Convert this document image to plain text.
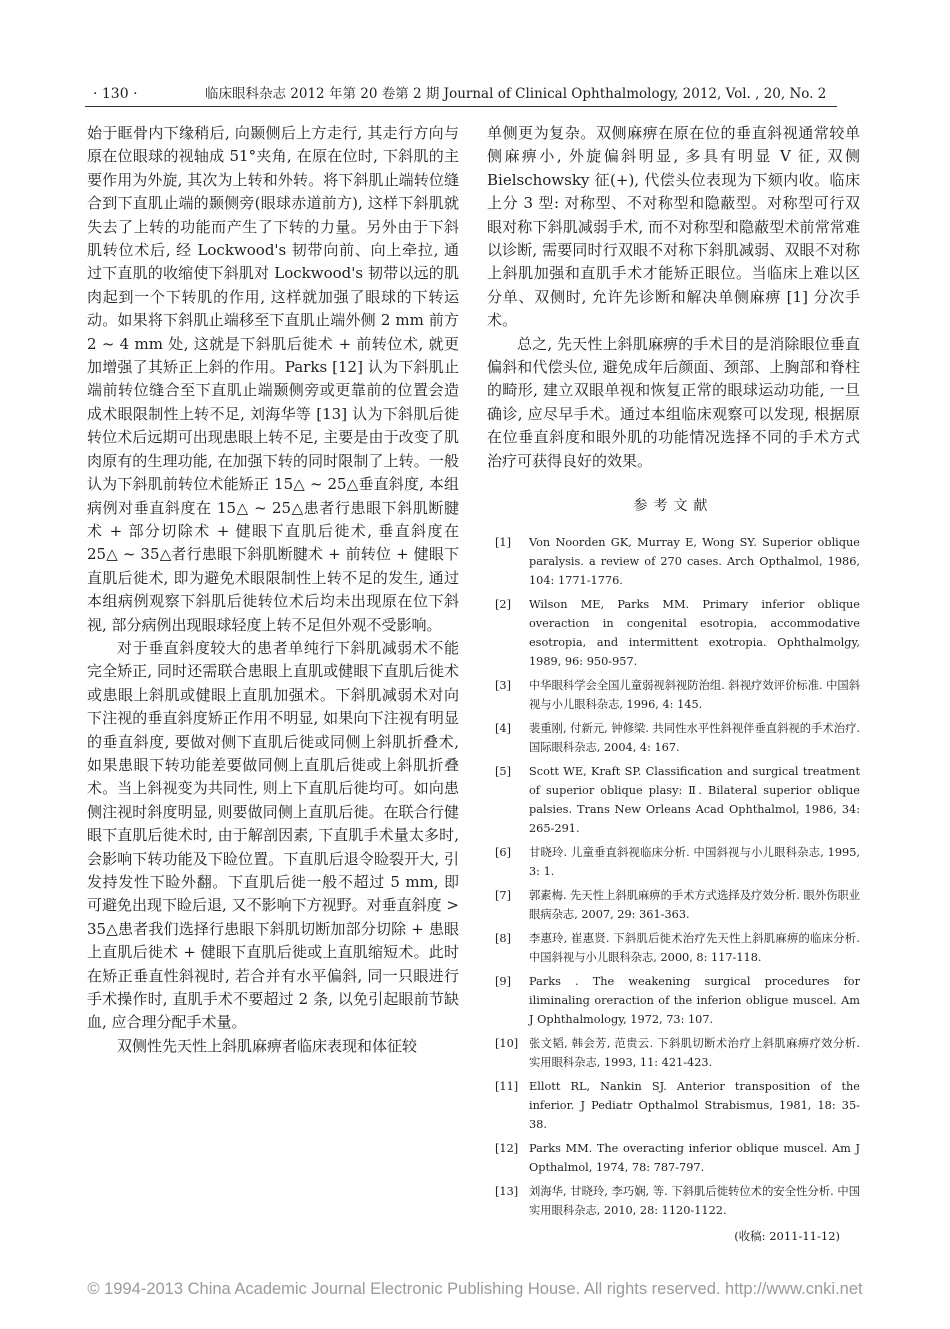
· 130 ·	临床眼科杂志 2012 年第 20 卷第 2 期 Journal of Clinical Ophthalmology, 2012, Vol. , 20, No. 2

始于眶骨内下缘稍后, 向颞侧后上方走行, 其走行方向与原在位眼球的视轴成 51°夹角, 在原在位时, 下斜肌的主要作用为外旋, 其次为上转和外转。将下斜肌止端转位缝合到下直肌止端的颞侧旁(眼球赤道前方), 这样下斜肌就失去了上转的功能而产生了下转的力量。另外由于下斜肌转位术后, 经 Lockwood's 韧带向前、向上牵拉, 通过下直肌的收缩使下斜肌对 Lockwood's 韧带以远的肌肉起到一个下转肌的作用, 这样就加强了眼球的下转运动。如果将下斜肌止端移至下直肌止端外侧 2 mm 前方 2 ~ 4 mm 处, 这就是下斜肌后徙术 + 前转位术, 就更加增强了其矫正上斜的作用。Parks [12] 认为下斜肌止端前转位缝合至下直肌止端颞侧旁或更靠前的位置会造成术眼限制性上转不足, 刘海华等 [13] 认为下斜肌后徙转位术后远期可出现患眼上转不足, 主要是由于改变了肌肉原有的生理功能, 在加强下转的同时限制了上转。一般认为下斜肌前转位术能矫正 15△ ~ 25△垂直斜度, 本组病例对垂直斜度在 15△ ~ 25△患者行患眼下斜肌断腱术 + 部分切除术 + 健眼下直肌后徙术, 垂直斜度在 25△ ~ 35△者行患眼下斜肌断腱术 + 前转位 + 健眼下直肌后徙术, 即为避免术眼限制性上转不足的发生, 通过本组病例观察下斜肌后徙转位术后均未出现原在位下斜视, 部分病例出现眼球轻度上转不足但外观不受影响。

对于垂直斜度较大的患者单纯行下斜肌减弱术不能完全矫正, 同时还需联合患眼上直肌或健眼下直肌后徙术或患眼上斜肌或健眼上直肌加强术。下斜肌减弱术对向下注视的垂直斜度矫正作用不明显, 如果向下注视有明显的垂直斜度, 要做对侧下直肌后徙或同侧上斜肌折叠术, 如果患眼下转功能差要做同侧上直肌后徙或上斜肌折叠术。当上斜视变为共同性, 则上下直肌后徙均可。如向患侧注视时斜度明显, 则要做同侧上直肌后徙。在联合行健眼下直肌后徙术时, 由于解剖因素, 下直肌手术量太多时, 会影响下转功能及下睑位置。下直肌后退令睑裂开大, 引发持发性下睑外翻。下直肌后徙一般不超过 5 mm, 即可避免出现下睑后退, 又不影响下方视野。对垂直斜度 > 35△患者我们选择行患眼下斜肌切断加部分切除 + 患眼上直肌后徙术 + 健眼下直肌后徙或上直肌缩短术。此时在矫正垂直性斜视时, 若合并有水平偏斜, 同一只眼进行手术操作时, 直肌手术不要超过 2 条, 以免引起眼前节缺血, 应合理分配手术量。

双侧性先天性上斜肌麻痹者临床表现和体征较

单侧更为复杂。双侧麻痹在原在位的垂直斜视通常较单侧麻痹小, 外旋偏斜明显, 多具有明显 V 征, 双侧 Bielschowsky 征(+), 代偿头位表现为下颏内收。临床上分 3 型: 对称型、不对称型和隐蔽型。对称型可行双眼对称下斜肌减弱手术, 而不对称型和隐蔽型术前常常难以诊断, 需要同时行双眼不对称下斜肌减弱、双眼不对称上斜肌加强和直肌手术才能矫正眼位。当临床上难以区分单、双侧时, 允许先诊断和解决单侧麻痹 [1] 分次手术。

总之, 先天性上斜肌麻痹的手术目的是消除眼位垂直偏斜和代偿头位, 避免成年后颜面、颈部、上胸部和脊柱的畸形, 建立双眼单视和恢复正常的眼球运动功能, 一旦确诊, 应尽早手术。通过本组临床观察可以发现, 根据原在位垂直斜度和眼外肌的功能情况选择不同的手术方式治疗可获得良好的效果。

参考文献
[1] Von Noorden GK, Murray E, Wong SY. Superior oblique paralysis. a review of 270 cases. Arch Opthalmol, 1986, 104: 1771-1776.
[2] Wilson ME, Parks MM. Primary inferior oblique overaction in congenital esotropia, accommodative esotropia, and intermittent exotropia. Ophthalmolgy, 1989, 96: 950-957.
[3] 中华眼科学会全国儿童弱视斜视防治组. 斜视疗效评价标准. 中国斜视与小儿眼科杂志, 1996, 4: 145.
[4] 裴重刚, 付新元, 钟修梁. 共同性水平性斜视伴垂直斜视的手术治疗. 国际眼科杂志, 2004, 4: 167.
[5] Scott WE, Kraft SP. Classification and surgical treatment of superior oblique plasy: Ⅱ. Bilateral superior oblique palsies. Trans New Orleans Acad Ophthalmol, 1986, 34: 265-291.
[6] 甘晓玲. 儿童垂直斜视临床分析. 中国斜视与小儿眼科杂志, 1995, 3: 1.
[7] 郭素梅. 先天性上斜肌麻痹的手术方式选择及疗效分析. 眼外伤职业眼病杂志, 2007, 29: 361-363.
[8] 李惠玲, 崔惠贤. 下斜肌后徙术治疗先天性上斜肌麻痹的临床分析. 中国斜视与小儿眼科杂志, 2000, 8: 117-118.
[9] Parks . The weakening surgical procedures for iliminaling oreraction of the inferion obligue muscel. Am J Ophthalmology, 1972, 73: 107.
[10] 张文韬, 韩会芳, 范贵云. 下斜肌切断术治疗上斜肌麻痹疗效分析. 实用眼科杂志, 1993, 11: 421-423.
[11] Ellott RL, Nankin SJ. Anterior transposition of the inferior. J Pediatr Opthalmol Strabismus, 1981, 18: 35-38.
[12] Parks MM. The overacting inferior oblique muscel. Am J Opthalmol, 1974, 78: 787-797.
[13] 刘海华, 甘晓玲, 李巧娴, 等. 下斜肌后徙转位术的安全性分析. 中国实用眼科杂志, 2010, 28: 1120-1122.
(收稿: 2011-11-12)
© 1994-2013 China Academic Journal Electronic Publishing House. All rights reserved. http://www.cnki.net
